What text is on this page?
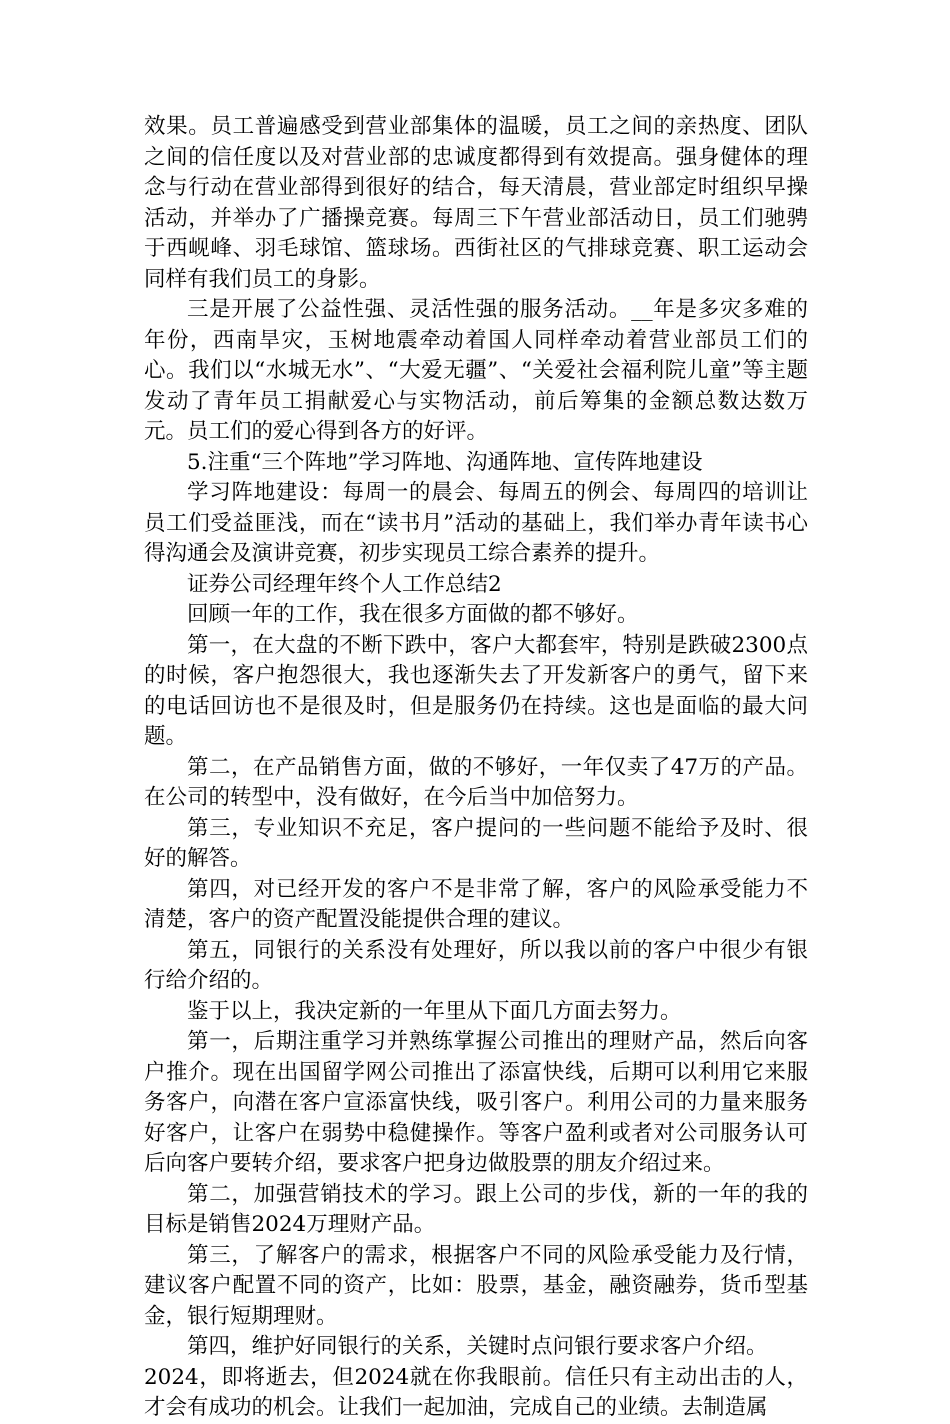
效果。员工普遍感受到营业部集体的温暖，员工之间的亲热度、团队之间的信任度以及对营业部的忠诚度都得到有效提高。强身健体的理念与行动在营业部得到很好的结合，每天清晨，营业部定时组织早操活动，并举办了广播操竞赛。每周三下午营业部活动日，员工们驰骋于西岘峰、羽毛球馆、篮球场。西街社区的气排球竞赛、职工运动会同样有我们员工的身影。

三是开展了公益性强、灵活性强的服务活动。__年是多灾多难的年份，西南旱灾，玉树地震牵动着国人同样牵动着营业部员工们的心。我们以“水城无水”、“大爱无疆”、“关爱社会福利院儿童”等主题发动了青年员工捐献爱心与实物活动，前后筹集的金额总数达数万元。员工们的爱心得到各方的好评。

5.注重“三个阵地”学习阵地、沟通阵地、宣传阵地建设

学习阵地建设：每周一的晨会、每周五的例会、每周四的培训让员工们受益匪浅，而在“读书月”活动的基础上，我们举办青年读书心得沟通会及演讲竞赛，初步实现员工综合素养的提升。

证券公司经理年终个人工作总结2

回顾一年的工作，我在很多方面做的都不够好。

第一，在大盘的不断下跌中，客户大都套牢，特别是跌破2300点的时候，客户抱怨很大，我也逐渐失去了开发新客户的勇气，留下来的电话回访也不是很及时，但是服务仍在持续。这也是面临的最大问题。

第二，在产品销售方面，做的不够好，一年仅卖了47万的产品。在公司的转型中，没有做好，在今后当中加倍努力。

第三，专业知识不充足，客户提问的一些问题不能给予及时、很好的解答。

第四，对已经开发的客户不是非常了解，客户的风险承受能力不清楚，客户的资产配置没能提供合理的建议。

第五，同银行的关系没有处理好，所以我以前的客户中很少有银行给介绍的。

鉴于以上，我决定新的一年里从下面几方面去努力。

第一，后期注重学习并熟练掌握公司推出的理财产品，然后向客户推介。现在出国留学网公司推出了添富快线，后期可以利用它来服务客户，向潜在客户宣添富快线，吸引客户。利用公司的力量来服务好客户，让客户在弱势中稳健操作。等客户盈利或者对公司服务认可后向客户要转介绍，要求客户把身边做股票的朋友介绍过来。

第二，加强营销技术的学习。跟上公司的步伐，新的一年的我的目标是销售2024万理财产品。

第三，了解客户的需求，根据客户不同的风险承受能力及行情，建议客户配置不同的资产，比如：股票，基金，融资融券，货币型基金，银行短期理财。

第四，维护好同银行的关系，关键时点问银行要求客户介绍。

2024，即将逝去，但2024就在你我眼前。信任只有主动出击的人，才会有成功的机会。让我们一起加油，完成自己的业绩。去制造属
